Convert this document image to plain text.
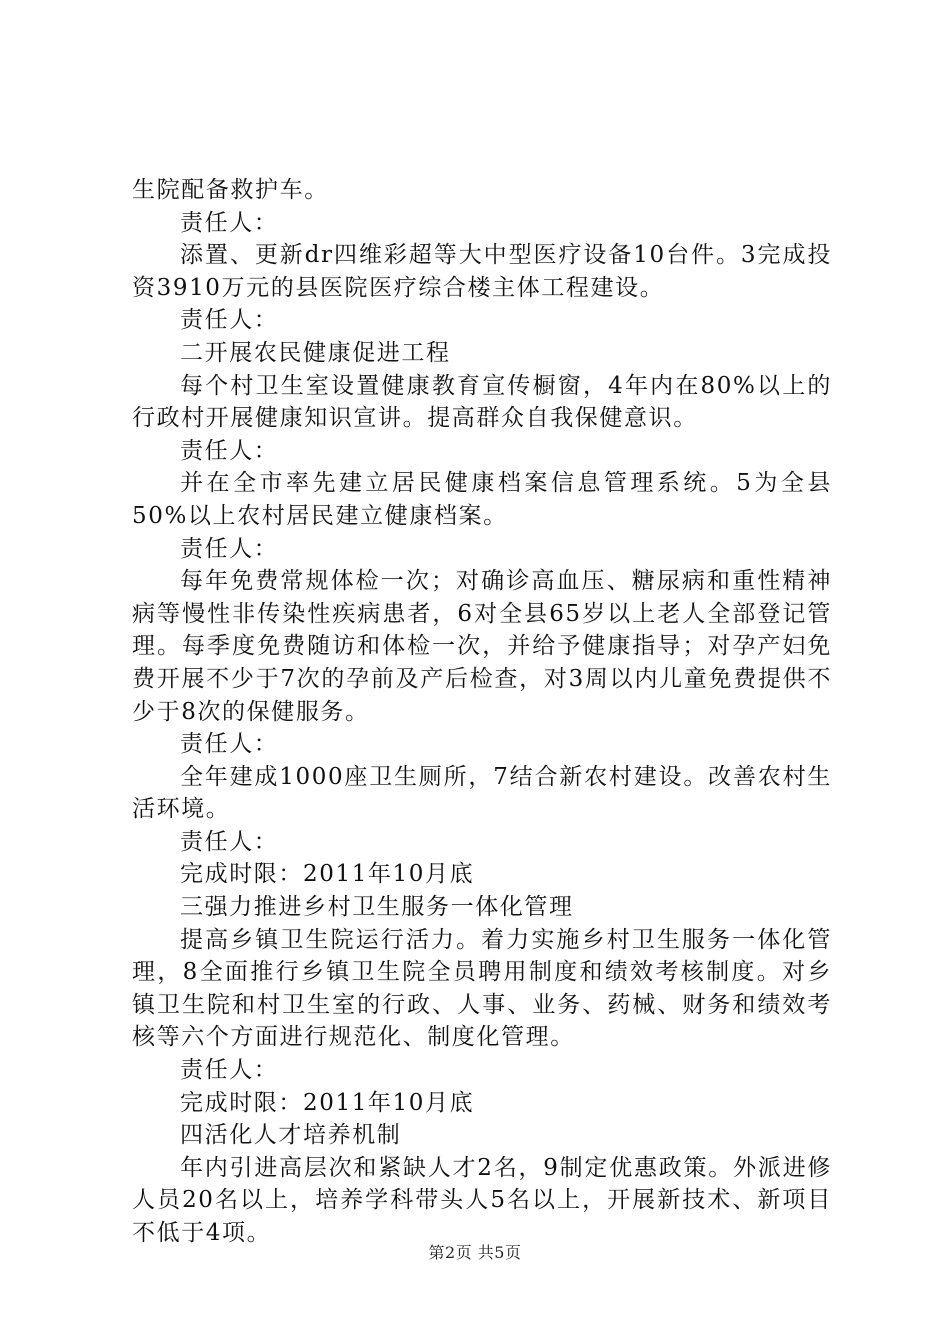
生院配备救护车。

责任人：

添置、更新dr四维彩超等大中型医疗设备10台件。3完成投资3910万元的县医院医疗综合楼主体工程建设。

责任人：

二开展农民健康促进工程

每个村卫生室设置健康教育宣传橱窗，4年内在80%以上的行政村开展健康知识宣讲。提高群众自我保健意识。

责任人：

并在全市率先建立居民健康档案信息管理系统。5为全县50%以上农村居民建立健康档案。

责任人：

每年免费常规体检一次；对确诊高血压、糖尿病和重性精神病等慢性非传染性疾病患者，6对全县65岁以上老人全部登记管理。每季度免费随访和体检一次，并给予健康指导；对孕产妇免费开展不少于7次的孕前及产后检查，对3周以内儿童免费提供不少于8次的保健服务。

责任人：

全年建成1000座卫生厕所，7结合新农村建设。改善农村生活环境。

责任人：

完成时限：2011年10月底

三强力推进乡村卫生服务一体化管理

提高乡镇卫生院运行活力。着力实施乡村卫生服务一体化管理，8全面推行乡镇卫生院全员聘用制度和绩效考核制度。对乡镇卫生院和村卫生室的行政、人事、业务、药械、财务和绩效考核等六个方面进行规范化、制度化管理。

责任人：

完成时限：2011年10月底

四活化人才培养机制

年内引进高层次和紧缺人才2名，9制定优惠政策。外派进修人员20名以上，培养学科带头人5名以上，开展新技术、新项目不低于4项。

第2页 共5页
